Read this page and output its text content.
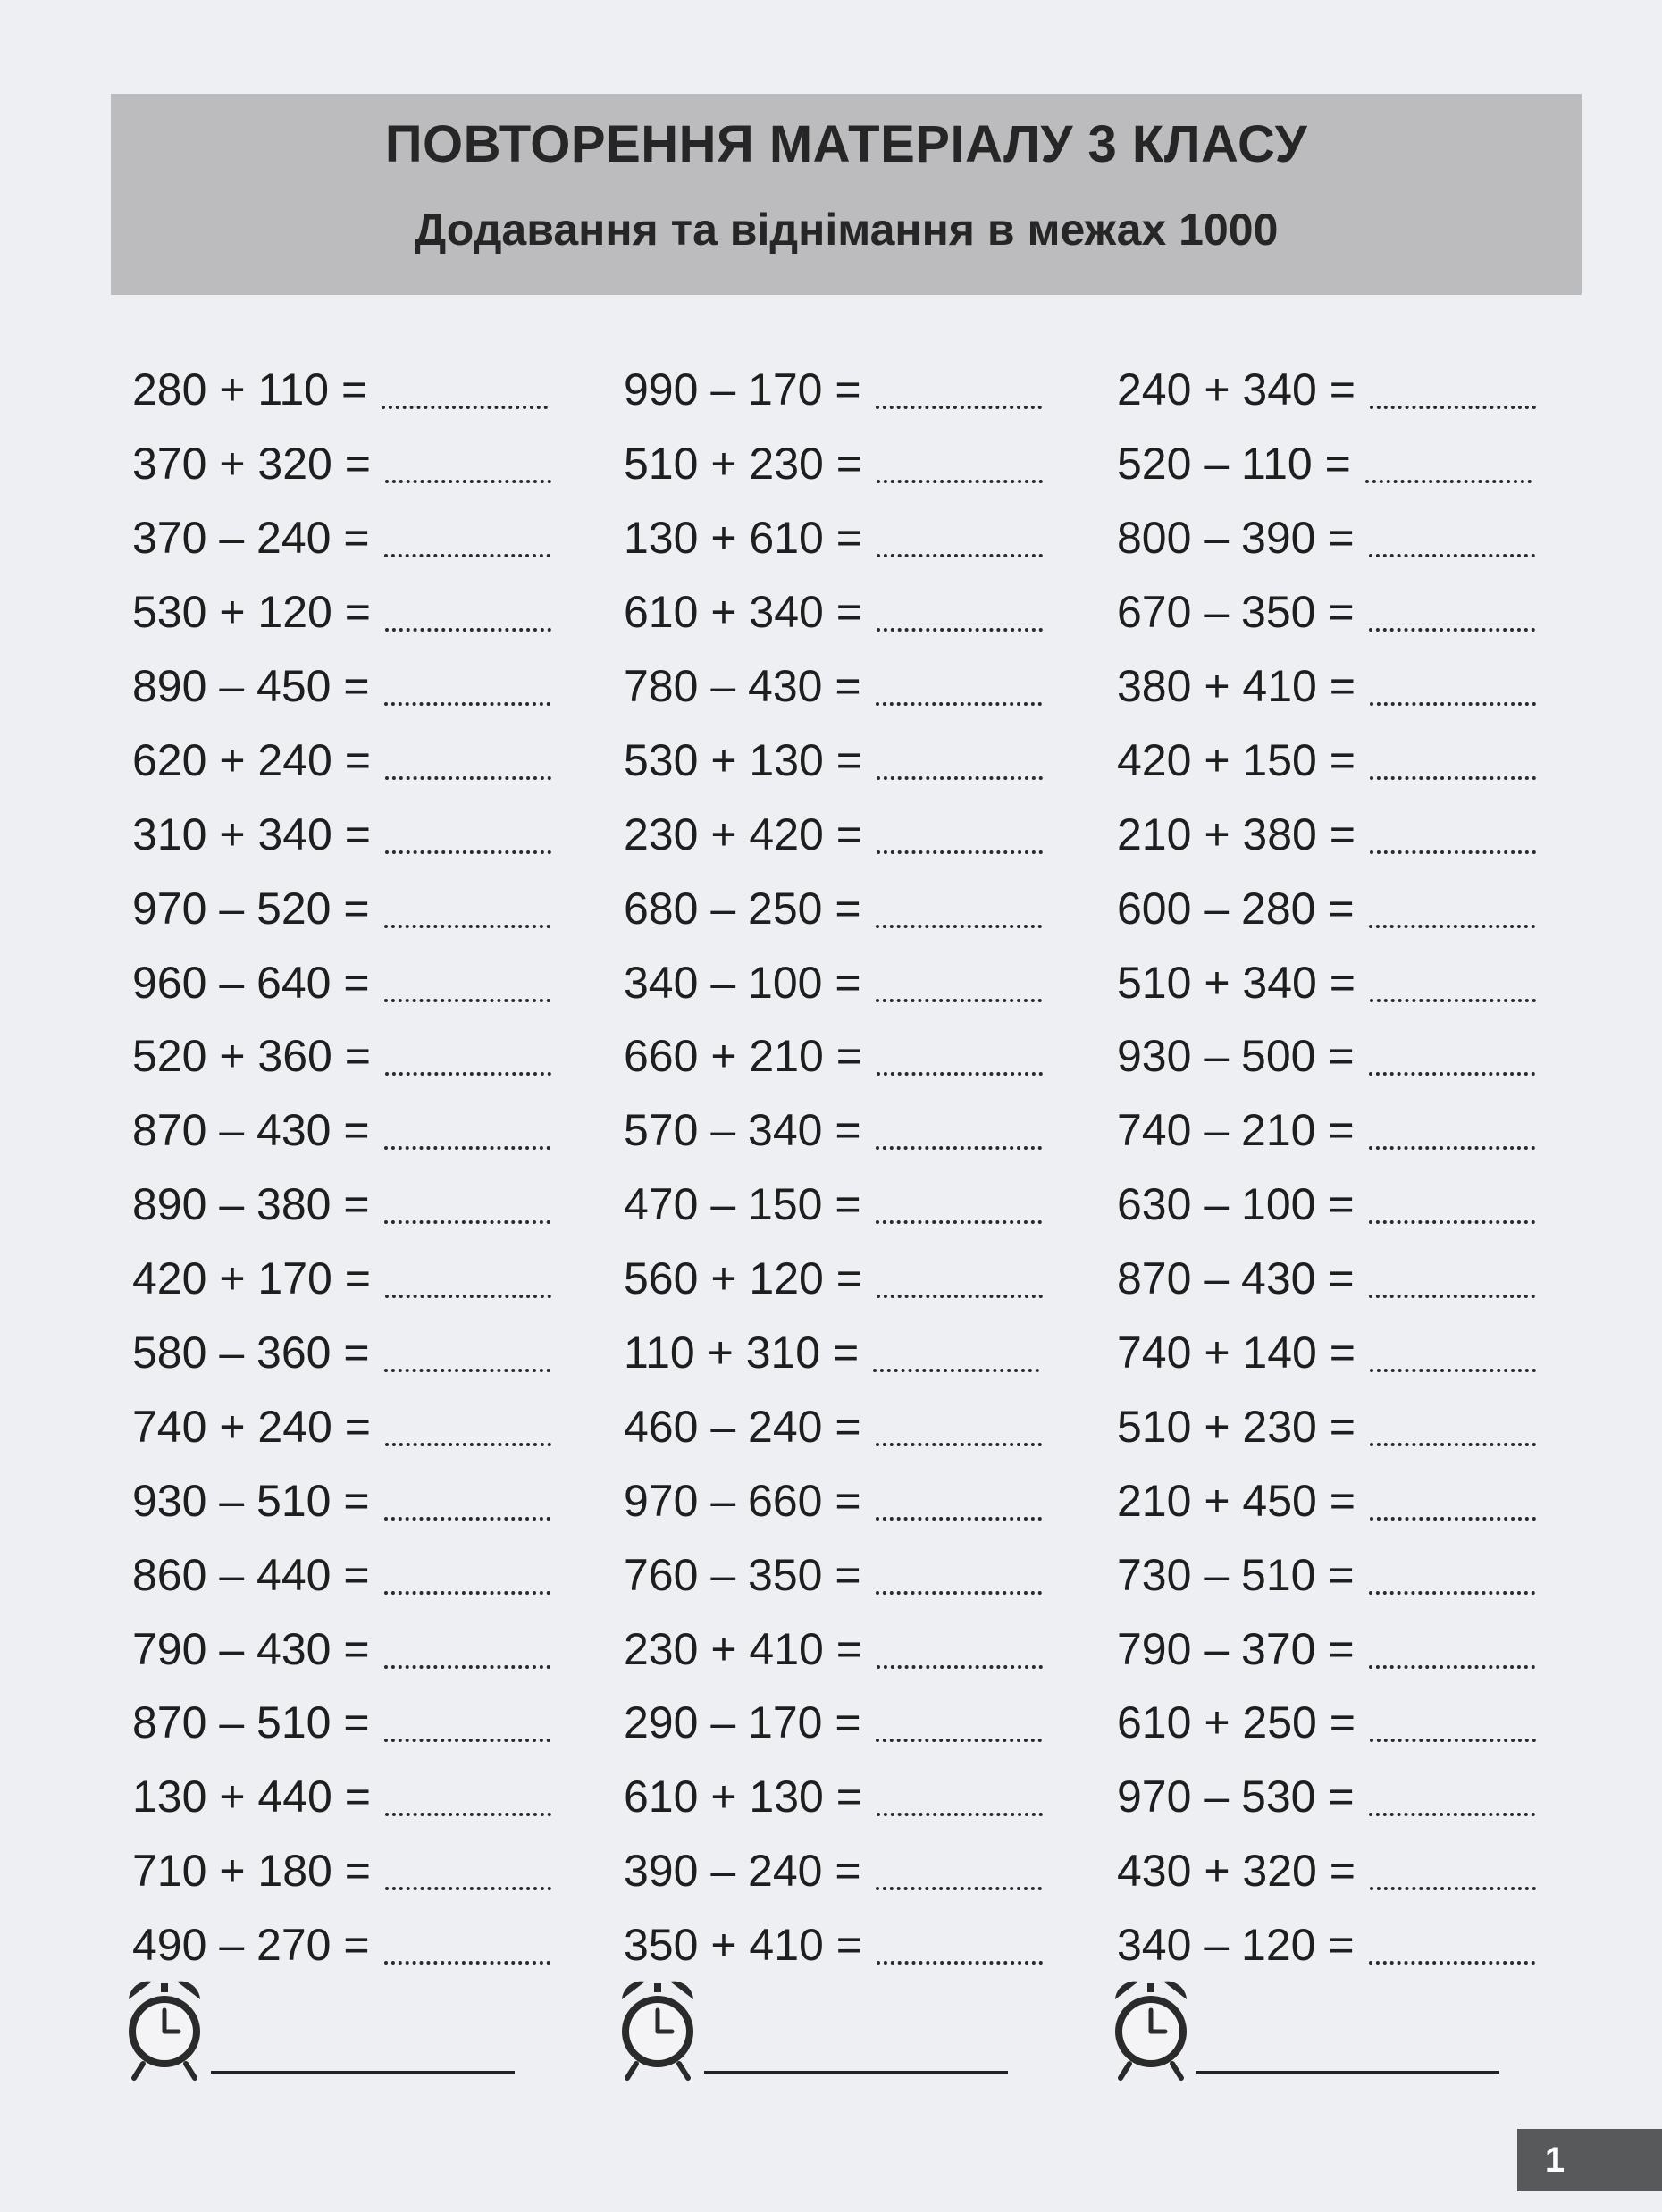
ПОВТОРЕННЯ МАТЕРІАЛУ 3 КЛАСУ
Додавання та віднімання в межах 1000
280 + 110 =
370 + 320 =
370 – 240 =
530 + 120 =
890 – 450 =
620 + 240 =
310 + 340 =
970 – 520 =
960 – 640 =
520 + 360 =
870 – 430 =
890 – 380 =
420 + 170 =
580 – 360 =
740 + 240 =
930 – 510 =
860 – 440 =
790 – 430 =
870 – 510 =
130 + 440 =
710 + 180 =
490 – 270 =
990 – 170 =
510 + 230 =
130 + 610 =
610 + 340 =
780 – 430 =
530 + 130 =
230 + 420 =
680 – 250 =
340 – 100 =
660 + 210 =
570 – 340 =
470 – 150 =
560 + 120 =
110 + 310 =
460 – 240 =
970 – 660 =
760 – 350 =
230 + 410 =
290 – 170 =
610 + 130 =
390 – 240 =
350 + 410 =
240 + 340 =
520 – 110 =
800 – 390 =
670 – 350 =
380 + 410 =
420 + 150 =
210 + 380 =
600 – 280 =
510 + 340 =
930 – 500 =
740 – 210 =
630 – 100 =
870 – 430 =
740 + 140 =
510 + 230 =
210 + 450 =
730 – 510 =
790 – 370 =
610 + 250 =
970 – 530 =
430 + 320 =
340 – 120 =
1
